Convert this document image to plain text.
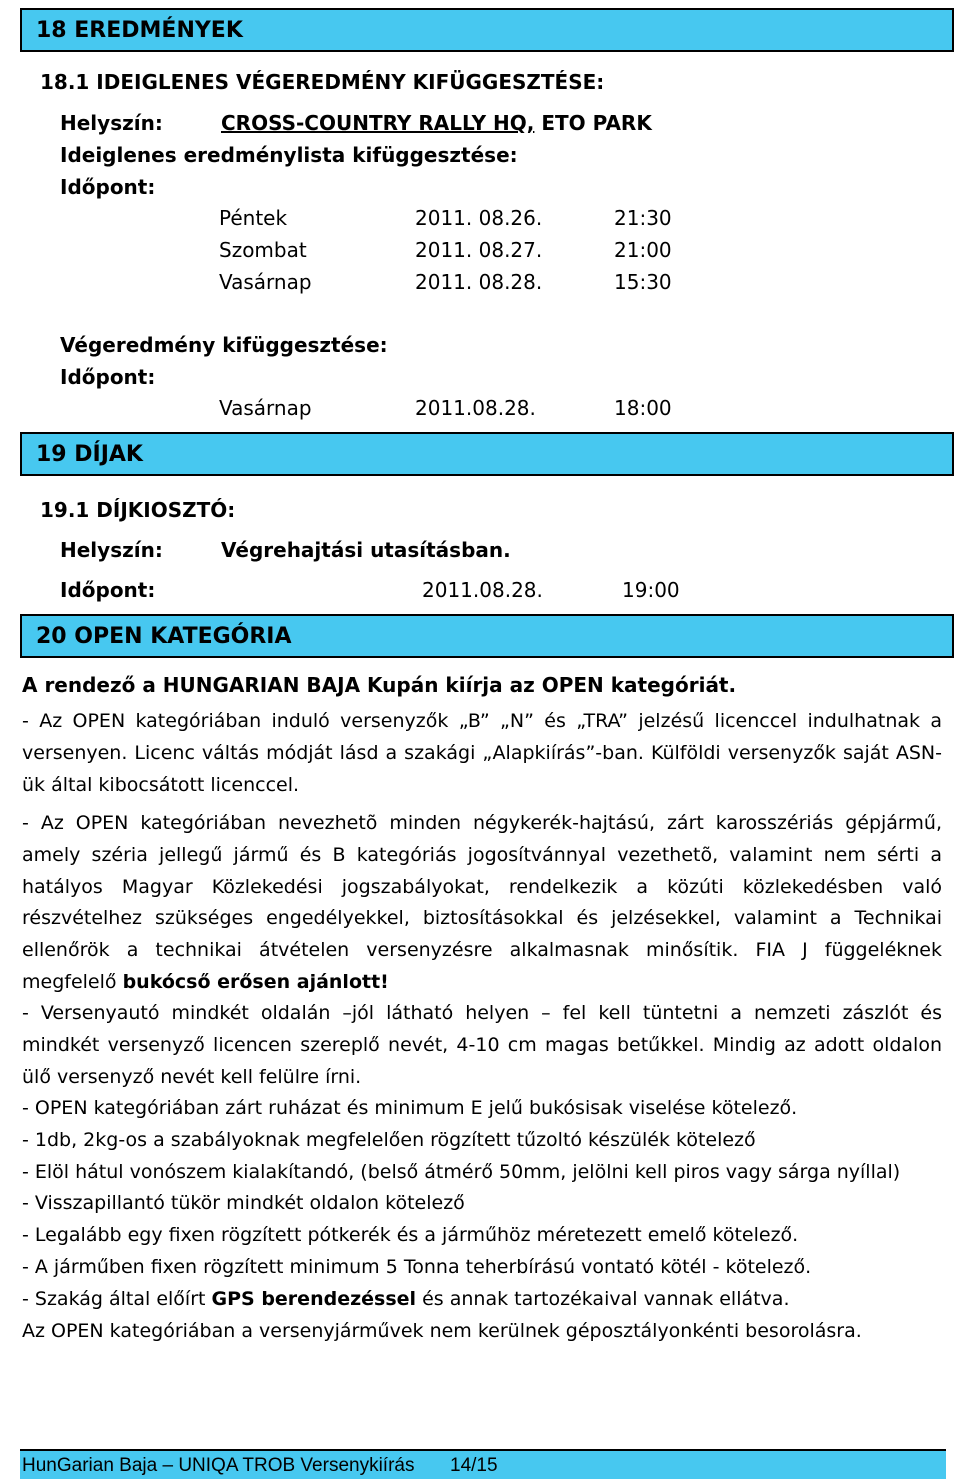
18 EREDMÉNYEK
18.1 IDEIGLENES VÉGEREDMÉNY KIFÜGGESZTÉSE:
Helyszín:	CROSS-COUNTRY RALLY HQ, ETO PARK
Ideiglenes eredménylista kifüggesztése:
Időpont:
Péntek	2011. 08.26.	21:30
Szombat	2011. 08.27.	21:00
Vasárnap	2011. 08.28.	15:30
Végeredmény kifüggesztése:
Időpont:
Vasárnap	2011.08.28.	18:00
19 DÍJAK
19.1 DÍJKIOSZTÓ:
Helyszín:	Végrehajtási utasításban.
Időpont:	2011.08.28.	19:00
20 OPEN KATEGÓRIA
A rendező a HUNGARIAN BAJA Kupán kiírja az OPEN kategóriát.
- Az OPEN kategóriában induló versenyzők „B” „N” és „TRA” jelzésű licenccel indulhatnak a versenyen. Licenc váltás módját lásd a szakági „Alapkiírás”-ban. Külföldi versenyzők saját ASN-ük által kibocsátott licenccel.
- Az OPEN kategóriában nevezhetõ minden négykerék-hajtású, zárt karosszériás gépjármű, amely széria jellegű jármű és B kategóriás jogosítvánnyal vezethetõ, valamint nem sérti a hatályos Magyar Közlekedési jogszabályokat, rendelkezik a közúti közlekedésben való részvételhez szükséges engedélyekkel, biztosításokkal és jelzésekkel, valamint a Technikai ellenőrök a technikai átvételen versenyzésre alkalmasnak minősítik. FIA J függeléknek megfelelő bukócső erősen ajánlott!
- Versenyautó mindkét oldalán –jól látható helyen – fel kell tüntetni a nemzeti zászlót és mindkét versenyző licencen szereplő nevét, 4-10 cm magas betűkkel. Mindig az adott oldalon ülő versenyző nevét kell felülre írni.
- OPEN kategóriában zárt ruházat és minimum E jelű bukósisak viselése kötelező.
- 1db, 2kg-os a szabályoknak megfelelően rögzített tűzoltó készülék kötelező
- Elöl hátul vonószem kialakítandó, (belső átmérő 50mm, jelölni kell piros vagy sárga nyíllal)
- Visszapillantó tükör mindkét oldalon kötelező
- Legalább egy fixen rögzített pótkerék és a járműhöz méretezett emelő kötelező.
- A járműben fixen rögzített minimum 5 Tonna teherbírású vontató kötél - kötelező.
- Szakág által előírt GPS berendezéssel és annak tartozékaival vannak ellátva.
Az OPEN kategóriában a versenyjárművek nem kerülnek géposztályonkénti besorolásra.
HunGarian Baja – UNIQA TROB Versenykiírás 14/15
